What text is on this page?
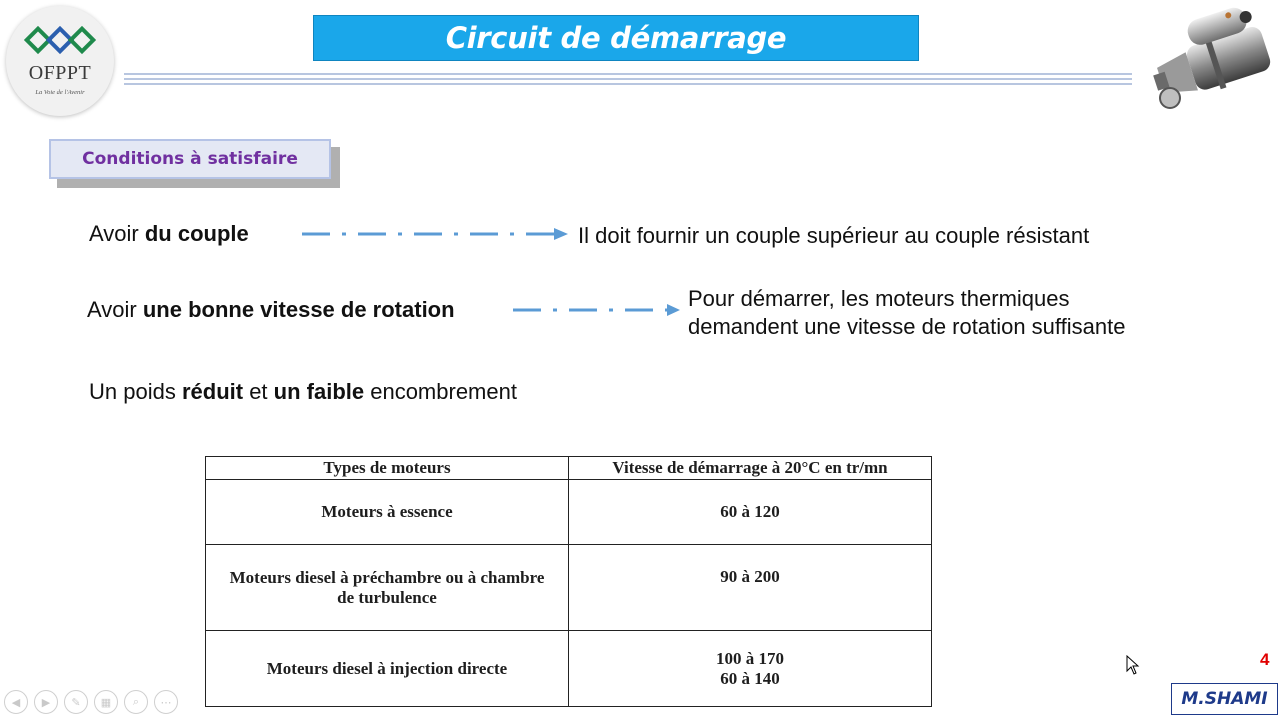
OFPPT
La Voie de l'Avenir
Circuit de démarrage
Conditions à satisfaire
Avoir du couple	Il doit fournir un couple supérieur au couple résistant
Avoir une bonne vitesse de rotation	Pour démarrer, les moteurs thermiques
demandent une vitesse de rotation suffisante
Un poids réduit et un faible encombrement
Types de moteurs	Vitesse de démarrage à 20°C en tr/mn
Moteurs à essence	60 à 120
Moteurs diesel à préchambre ou à chambre
de turbulence	90 à 200
Moteurs diesel à injection directe	100 à 170
60 à 140
4
M.SHAMI
◀	▶	✎	▦	⌕	⋯
